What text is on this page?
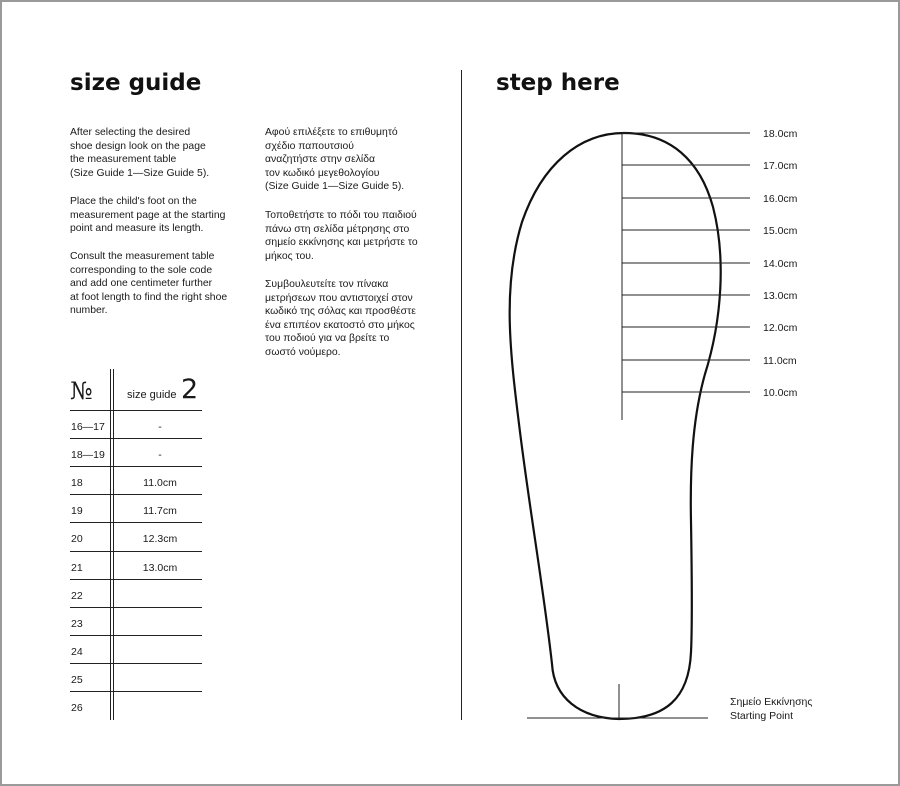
size guide	step here

After selecting the desired
shoe design look on the page
the measurement table
(Size Guide 1—Size Guide 5).

Place the child's foot on the
measurement page at the starting
point and measure its length.

Consult the measurement table
corresponding to the sole code
and add one centimeter further
at foot length to find the right shoe
number.

Αφού επιλέξετε το επιθυμητό
σχέδιο παπουτσιού
αναζητήστε στην σελίδα
τον κωδικό μεγεθολογίου
(Size Guide 1—Size Guide 5).

Τοποθετήστε το πόδι του παιδιού
πάνω στη σελίδα μέτρησης στο
σημείο εκκίνησης και μετρήστε το
μήκος του.

Συμβουλευτείτε τον πίνακα
μετρήσεων που αντιστοιχεί στον
κωδικό της σόλας και προσθέστε
ένα επιπέον εκατοστό στο μήκος
του ποδιού για να βρείτε το
σωστό νούμερο.

№	size guide 2
16—17	-
18—19	-
18	11.0cm
19	11.7cm
20	12.3cm
21	13.0cm
22
23
24
25
26
18.0cm
17.0cm
16.0cm
15.0cm
14.0cm
13.0cm
12.0cm
11.0cm
10.0cm
Σημείο Εκκίνησης
Starting Point
